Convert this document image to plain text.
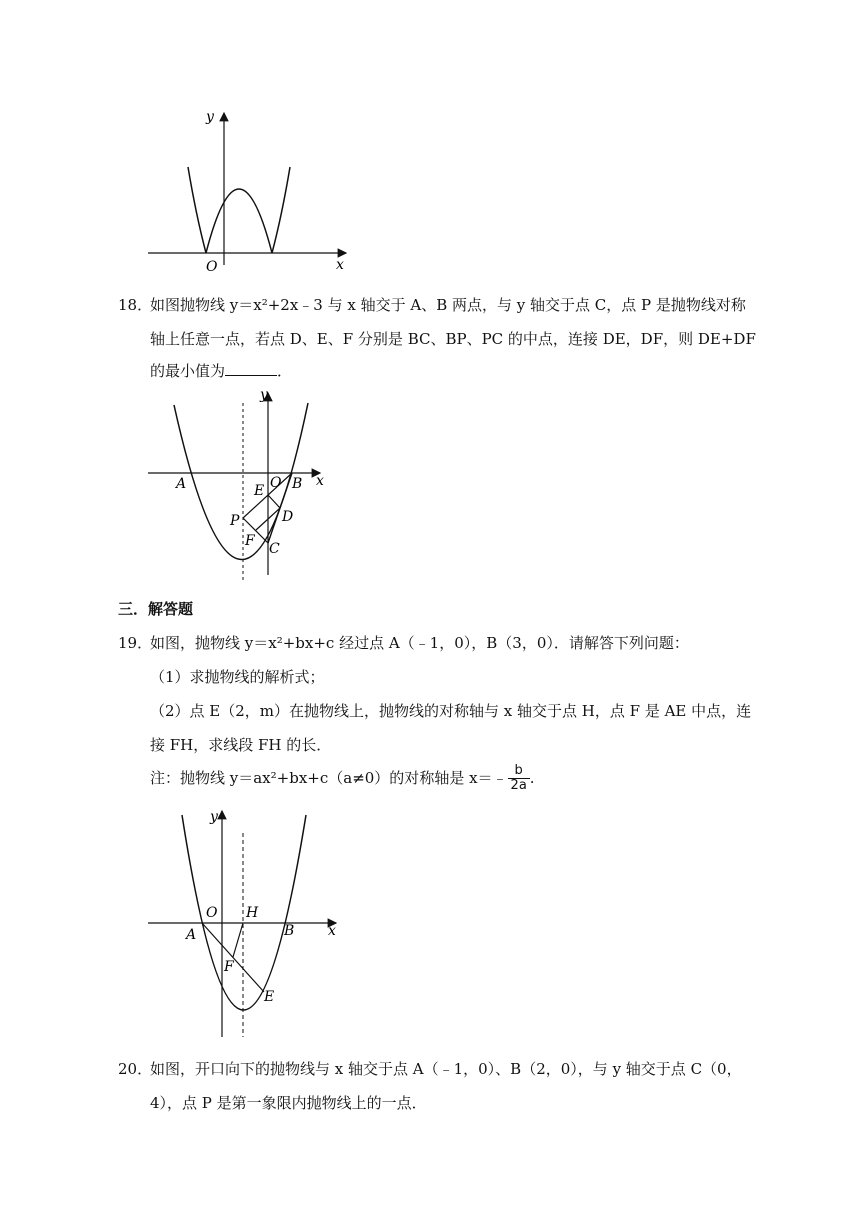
y
x
O
18．
如图抛物线 y＝x²+2x﹣3 与 x 轴交于 A、B 两点，与 y 轴交于点 C，点 P 是抛物线对称
轴上任意一点，若点 D、E、F 分别是 BC、BP、PC 的中点，连接 DE，DF，则 DE+DF
的最小值为	．
y
x
A	B
O
E
P	D
F C
三．解答题
19．
如图，抛物线 y＝x²+bx+c 经过点 A（﹣1，0），B（3，0）．请解答下列问题：
（1）求抛物线的解析式；
（2）点 E（2，m）在抛物线上，抛物线的对称轴与 x 轴交于点 H，点 F 是 AE 中点，连
接 FH，求线段 FH 的长．
注：抛物线 y＝ax²+bx+c（a≠0）的对称轴是 x＝﹣ $\frac{b}{2a}$ .
y
x
O H
A	B
F
E
20．
如图，开口向下的抛物线与 x 轴交于点 A（﹣1，0）、B（2，0），与 y 轴交于点 C（0，
4），点 P 是第一象限内抛物线上的一点．
